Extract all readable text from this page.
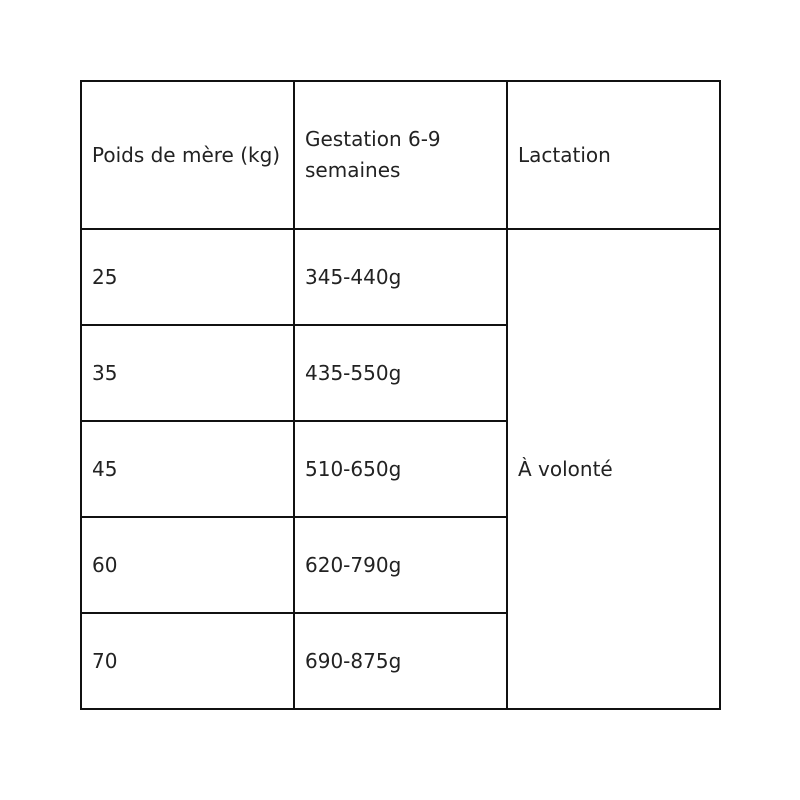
Poids de mère (kg)	Gestation 6-9 semaines	Lactation

25	345-440g	À volonté

35	435-550g	

45	510-650g	

60	620-790g	

70	690-875g	
